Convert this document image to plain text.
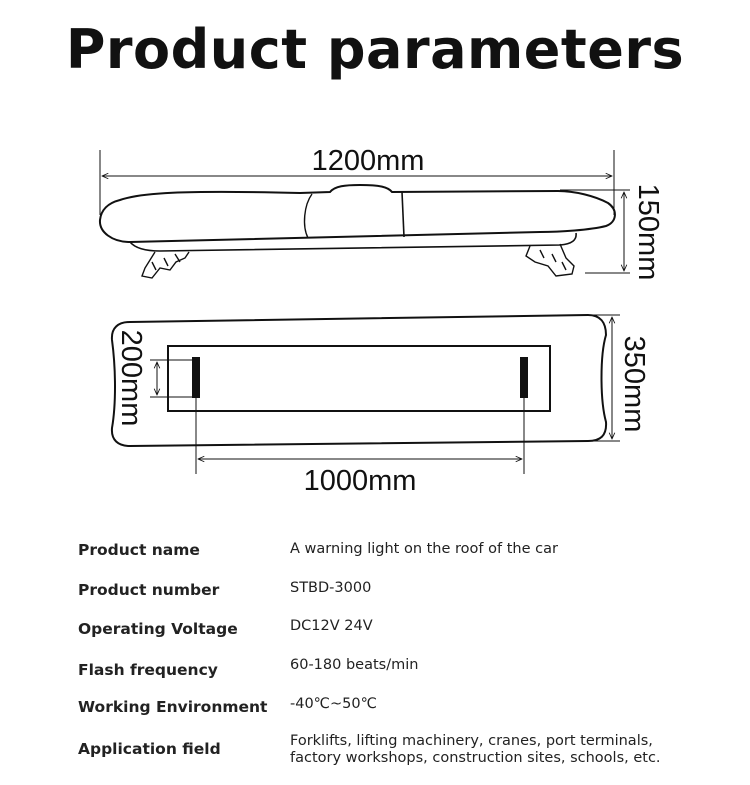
Product parameters
1200mm
150mm
200mm	350mm
1000mm
Product name	A warning light on the roof of the car
Product number	STBD-3000
Operating Voltage	DC12V 24V
Flash frequency	60-180 beats/min
Working Environment -40℃~50℃
Application field	Forklifts, lifting machinery, cranes, port terminals, factory workshops, construction sites, schools, etc.
